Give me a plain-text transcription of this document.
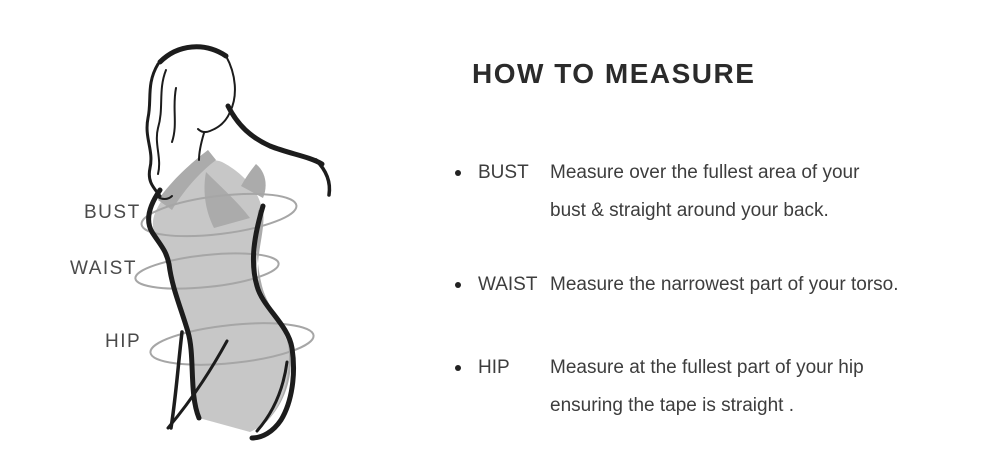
BUST
WAIST
HIP
HOW TO MEASURE
BUST	Measure over the fullest area of your
bust & straight around your back.
WAIST Measure the narrowest part of your torso.
HIP	Measure at the fullest part of your hip
ensuring the tape is straight .
